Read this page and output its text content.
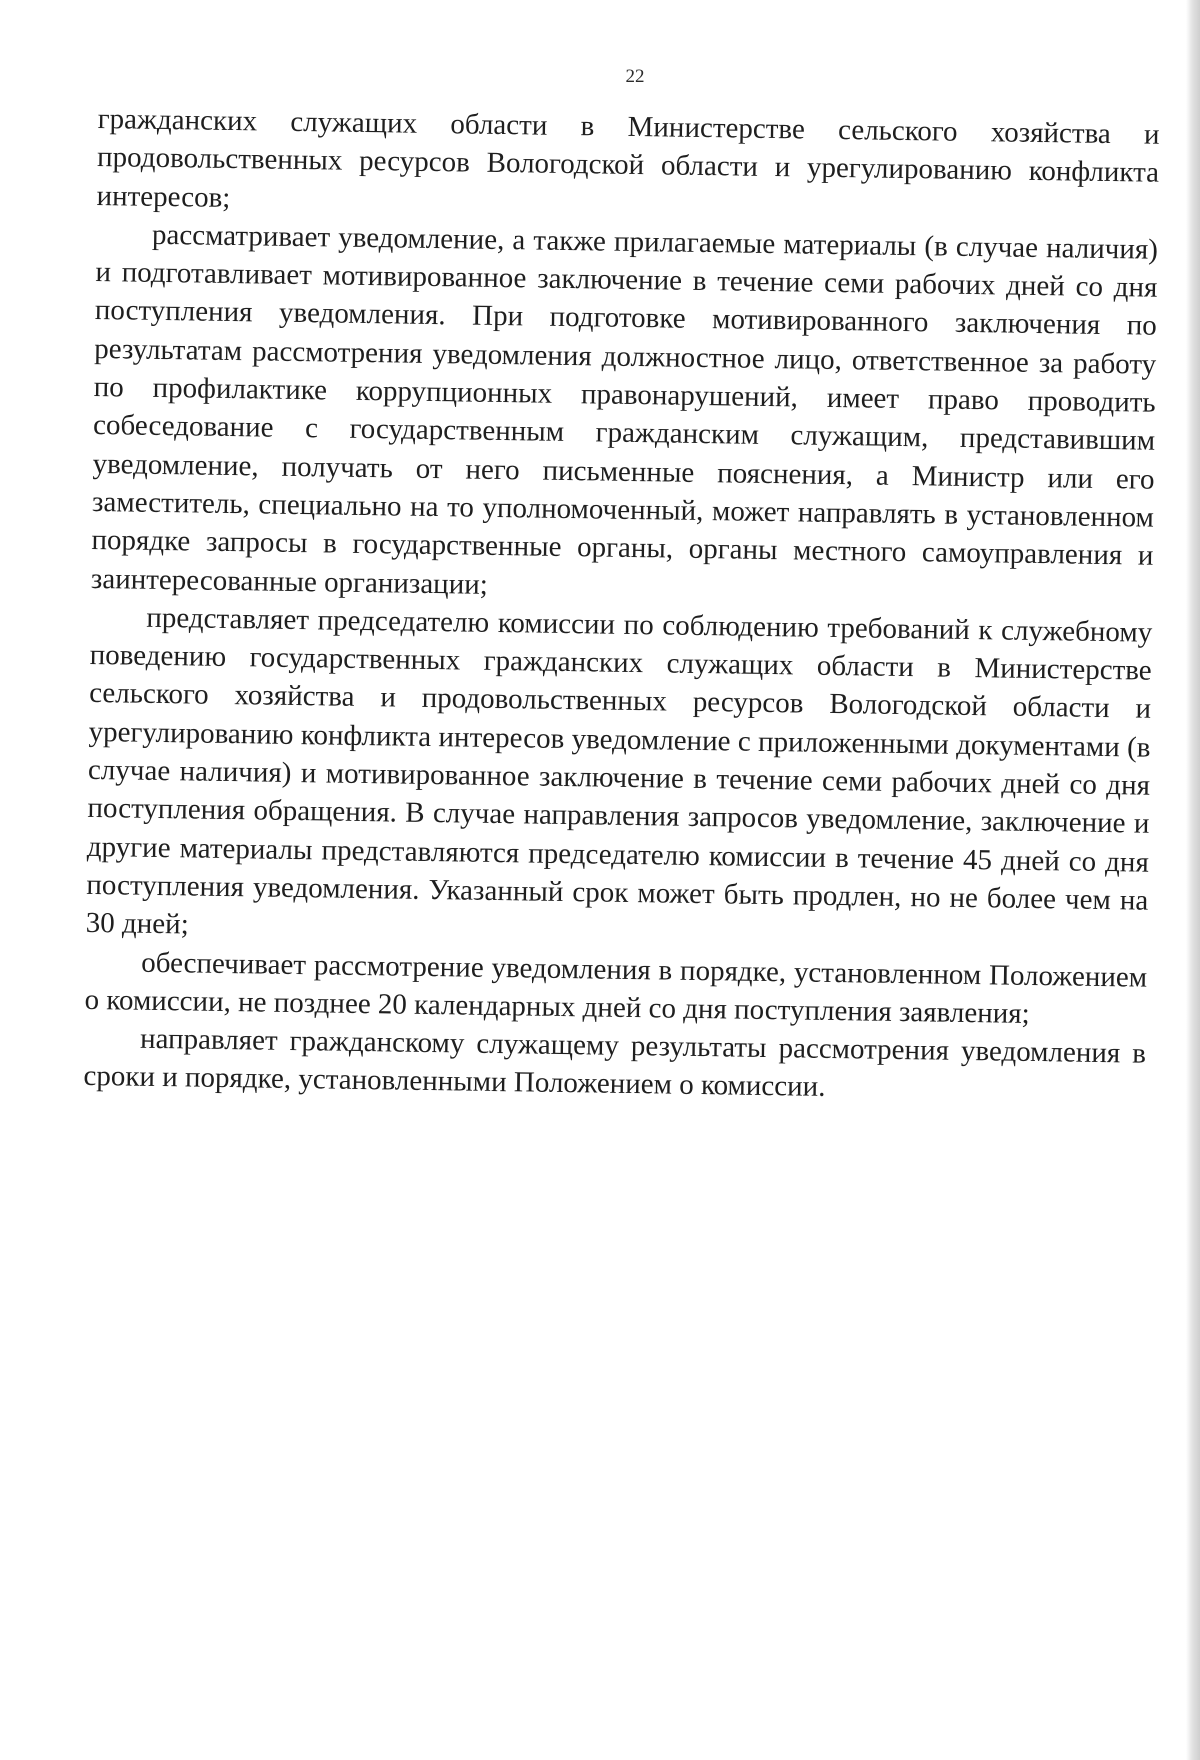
22

гражданских служащих области в Министерстве сельского хозяйства и продовольственных ресурсов Вологодской области и урегулированию конфликта интересов;

рассматривает уведомление, а также прилагаемые материалы (в случае наличия) и подготавливает мотивированное заключение в течение семи рабочих дней со дня поступления уведомления. При подготовке мотивированного заключения по результатам рассмотрения уведомления должностное лицо, ответственное за работу по профилактике коррупционных правонарушений, имеет право проводить собеседование с государственным гражданским служащим, представившим уведомление, получать от него письменные пояснения, а Министр или его заместитель, специально на то уполномоченный, может направлять в установленном порядке запросы в государственные органы, органы местного самоуправления и заинтересованные организации;

представляет председателю комиссии по соблюдению требований к служебному поведению государственных гражданских служащих области в Министерстве сельского хозяйства и продовольственных ресурсов Вологодской области и урегулированию конфликта интересов уведомление с приложенными документами (в случае наличия) и мотивированное заключение в течение семи рабочих дней со дня поступления обращения. В случае направления запросов уведомление, заключение и другие материалы представляются председателю комиссии в течение 45 дней со дня поступления уведомления. Указанный срок может быть продлен, но не более чем на 30 дней;

обеспечивает рассмотрение уведомления в порядке, установленном Положением о комиссии, не позднее 20 календарных дней со дня поступления заявления;

направляет гражданскому служащему результаты рассмотрения уведомления в сроки и порядке, установленными Положением о комиссии.
